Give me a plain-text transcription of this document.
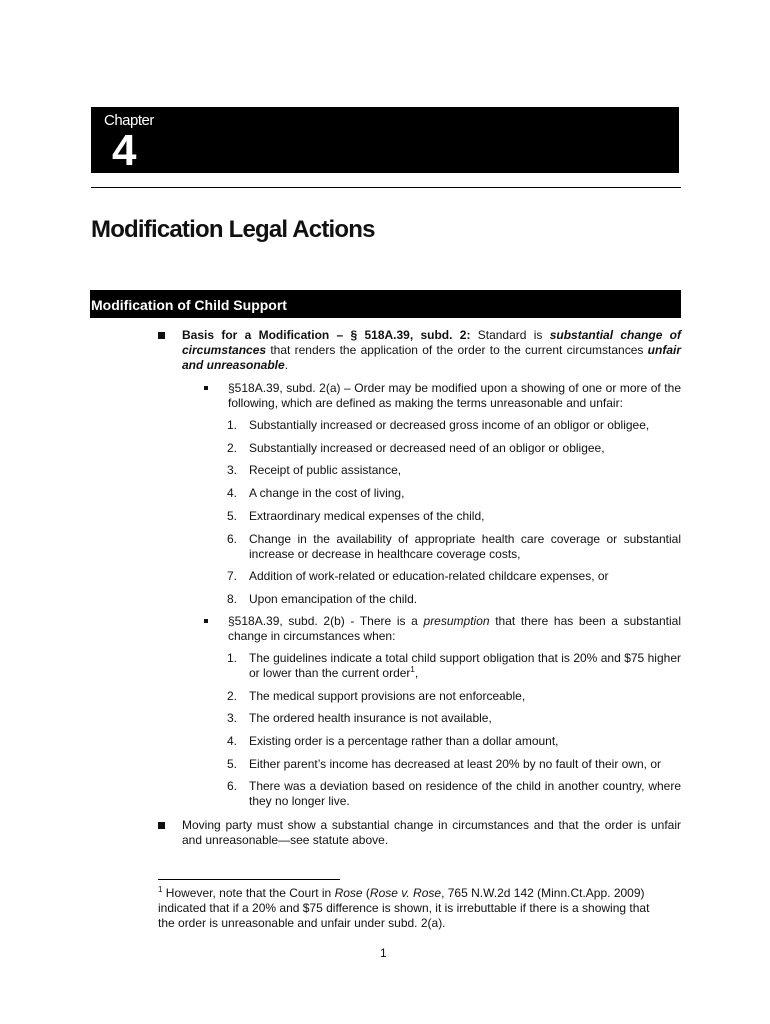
Chapter
4
Modification Legal Actions
Modification of Child Support
Basis for a Modification – § 518A.39, subd. 2: Standard is substantial change of circumstances that renders the application of the order to the current circumstances unfair and unreasonable.
§518A.39, subd. 2(a) – Order may be modified upon a showing of one or more of the following, which are defined as making the terms unreasonable and unfair:
1. Substantially increased or decreased gross income of an obligor or obligee,
2. Substantially increased or decreased need of an obligor or obligee,
3. Receipt of public assistance,
4. A change in the cost of living,
5. Extraordinary medical expenses of the child,
6. Change in the availability of appropriate health care coverage or substantial increase or decrease in healthcare coverage costs,
7. Addition of work-related or education-related childcare expenses, or
8. Upon emancipation of the child.
§518A.39, subd. 2(b) - There is a presumption that there has been a substantial change in circumstances when:
1. The guidelines indicate a total child support obligation that is 20% and $75 higher or lower than the current order$^1$,
2. The medical support provisions are not enforceable,
3. The ordered health insurance is not available,
4. Existing order is a percentage rather than a dollar amount,
5. Either parent’s income has decreased at least 20% by no fault of their own, or
6. There was a deviation based on residence of the child in another country, where they no longer live.
Moving party must show a substantial change in circumstances and that the order is unfair and unreasonable—see statute above.
$^1$ However, note that the Court in Rose (Rose v. Rose, 765 N.W.2d 142 (Minn.Ct.App. 2009) indicated that if a 20% and $75 difference is shown, it is irrebuttable if there is a showing that the order is unreasonable and unfair under subd. 2(a).
1
